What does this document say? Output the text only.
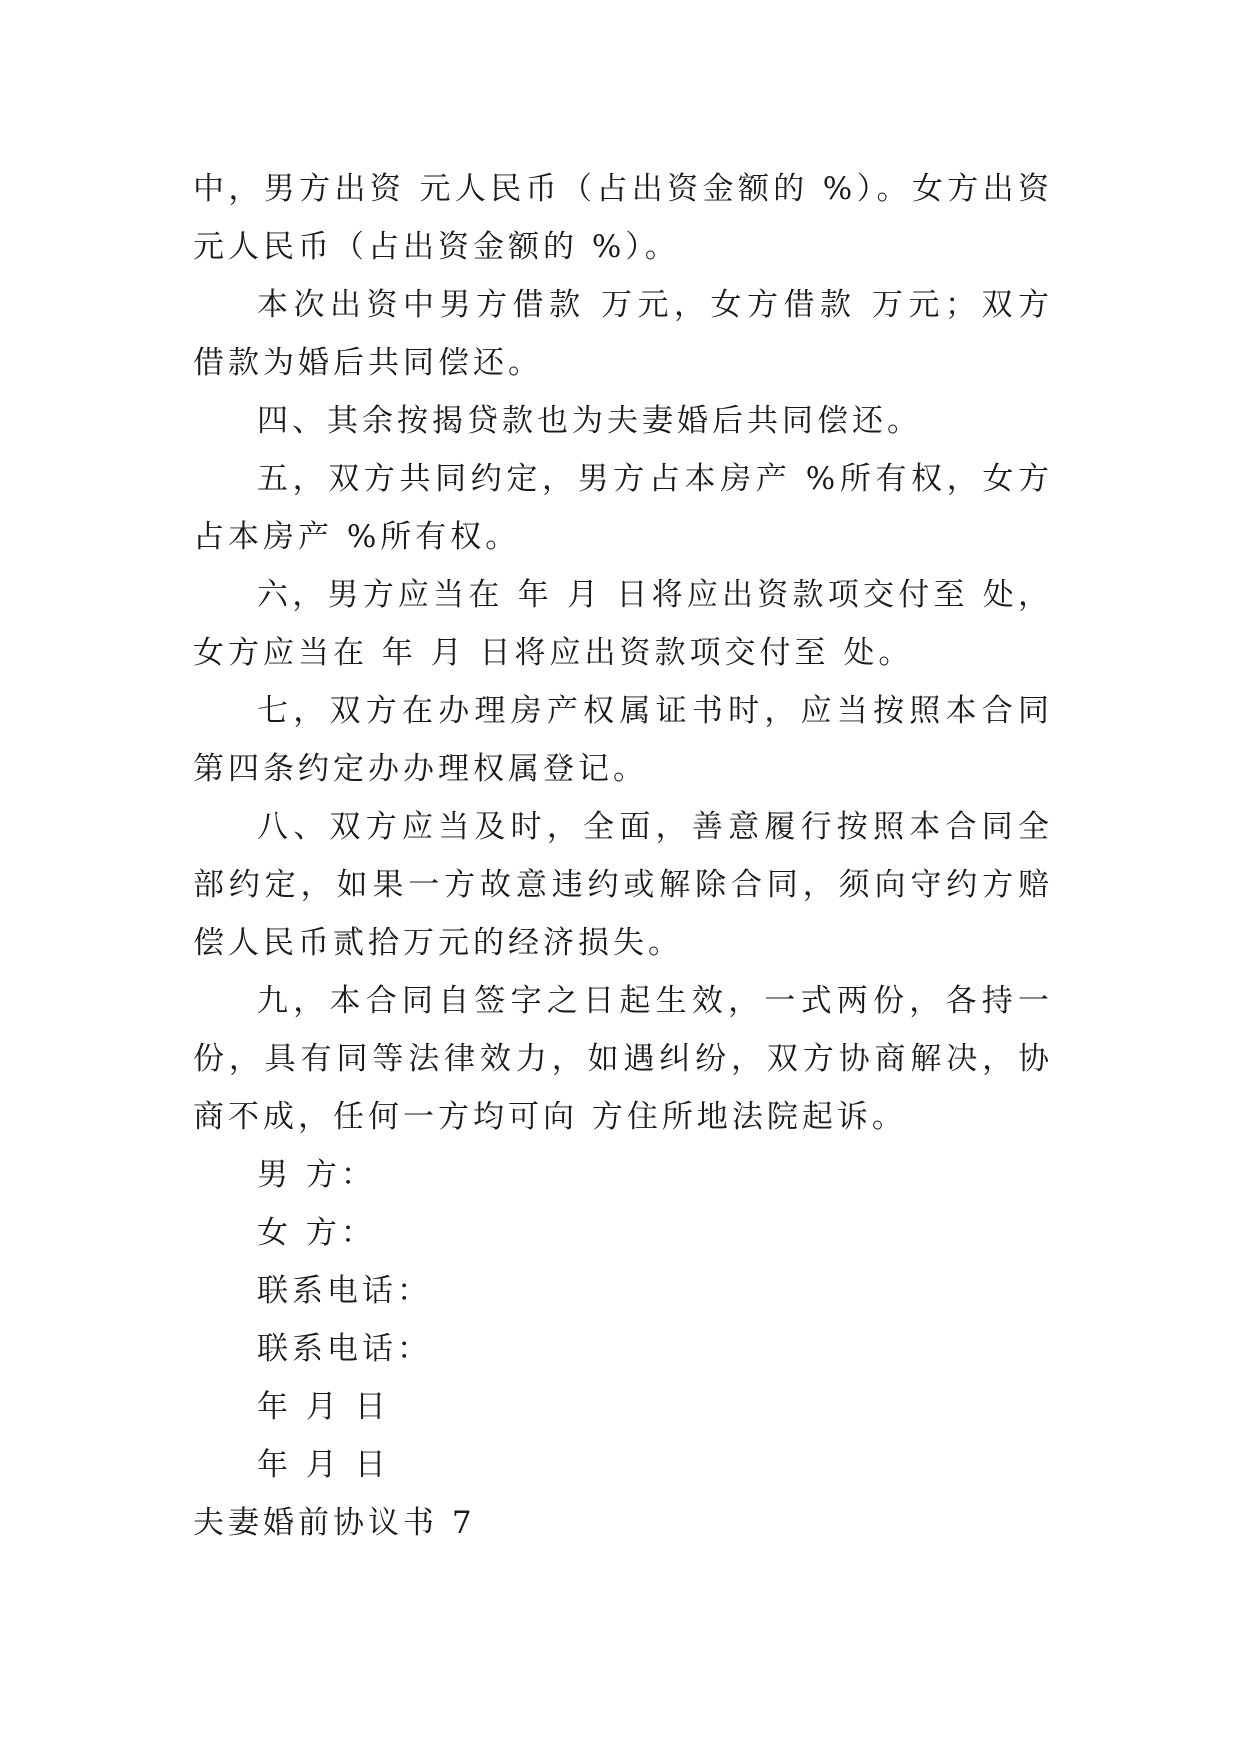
中，男方出资 元人民币（占出资金额的 %）。女方出资 元人民币（占出资金额的 %）。

本次出资中男方借款 万元，女方借款 万元；双方借款为婚后共同偿还。

四、其余按揭贷款也为夫妻婚后共同偿还。

五，双方共同约定，男方占本房产 %所有权，女方占本房产 %所有权。

六，男方应当在 年 月 日将应出资款项交付至 处，女方应当在 年 月 日将应出资款项交付至 处。

七，双方在办理房产权属证书时，应当按照本合同第四条约定办办理权属登记。

八、双方应当及时，全面，善意履行按照本合同全部约定，如果一方故意违约或解除合同，须向守约方赔偿人民币贰拾万元的经济损失。

九，本合同自签字之日起生效，一式两份，各持一份，具有同等法律效力，如遇纠纷，双方协商解决，协商不成，任何一方均可向 方住所地法院起诉。

男 方：

女 方：

联系电话：

联系电话：

年 月 日

年 月 日

夫妻婚前协议书 7
